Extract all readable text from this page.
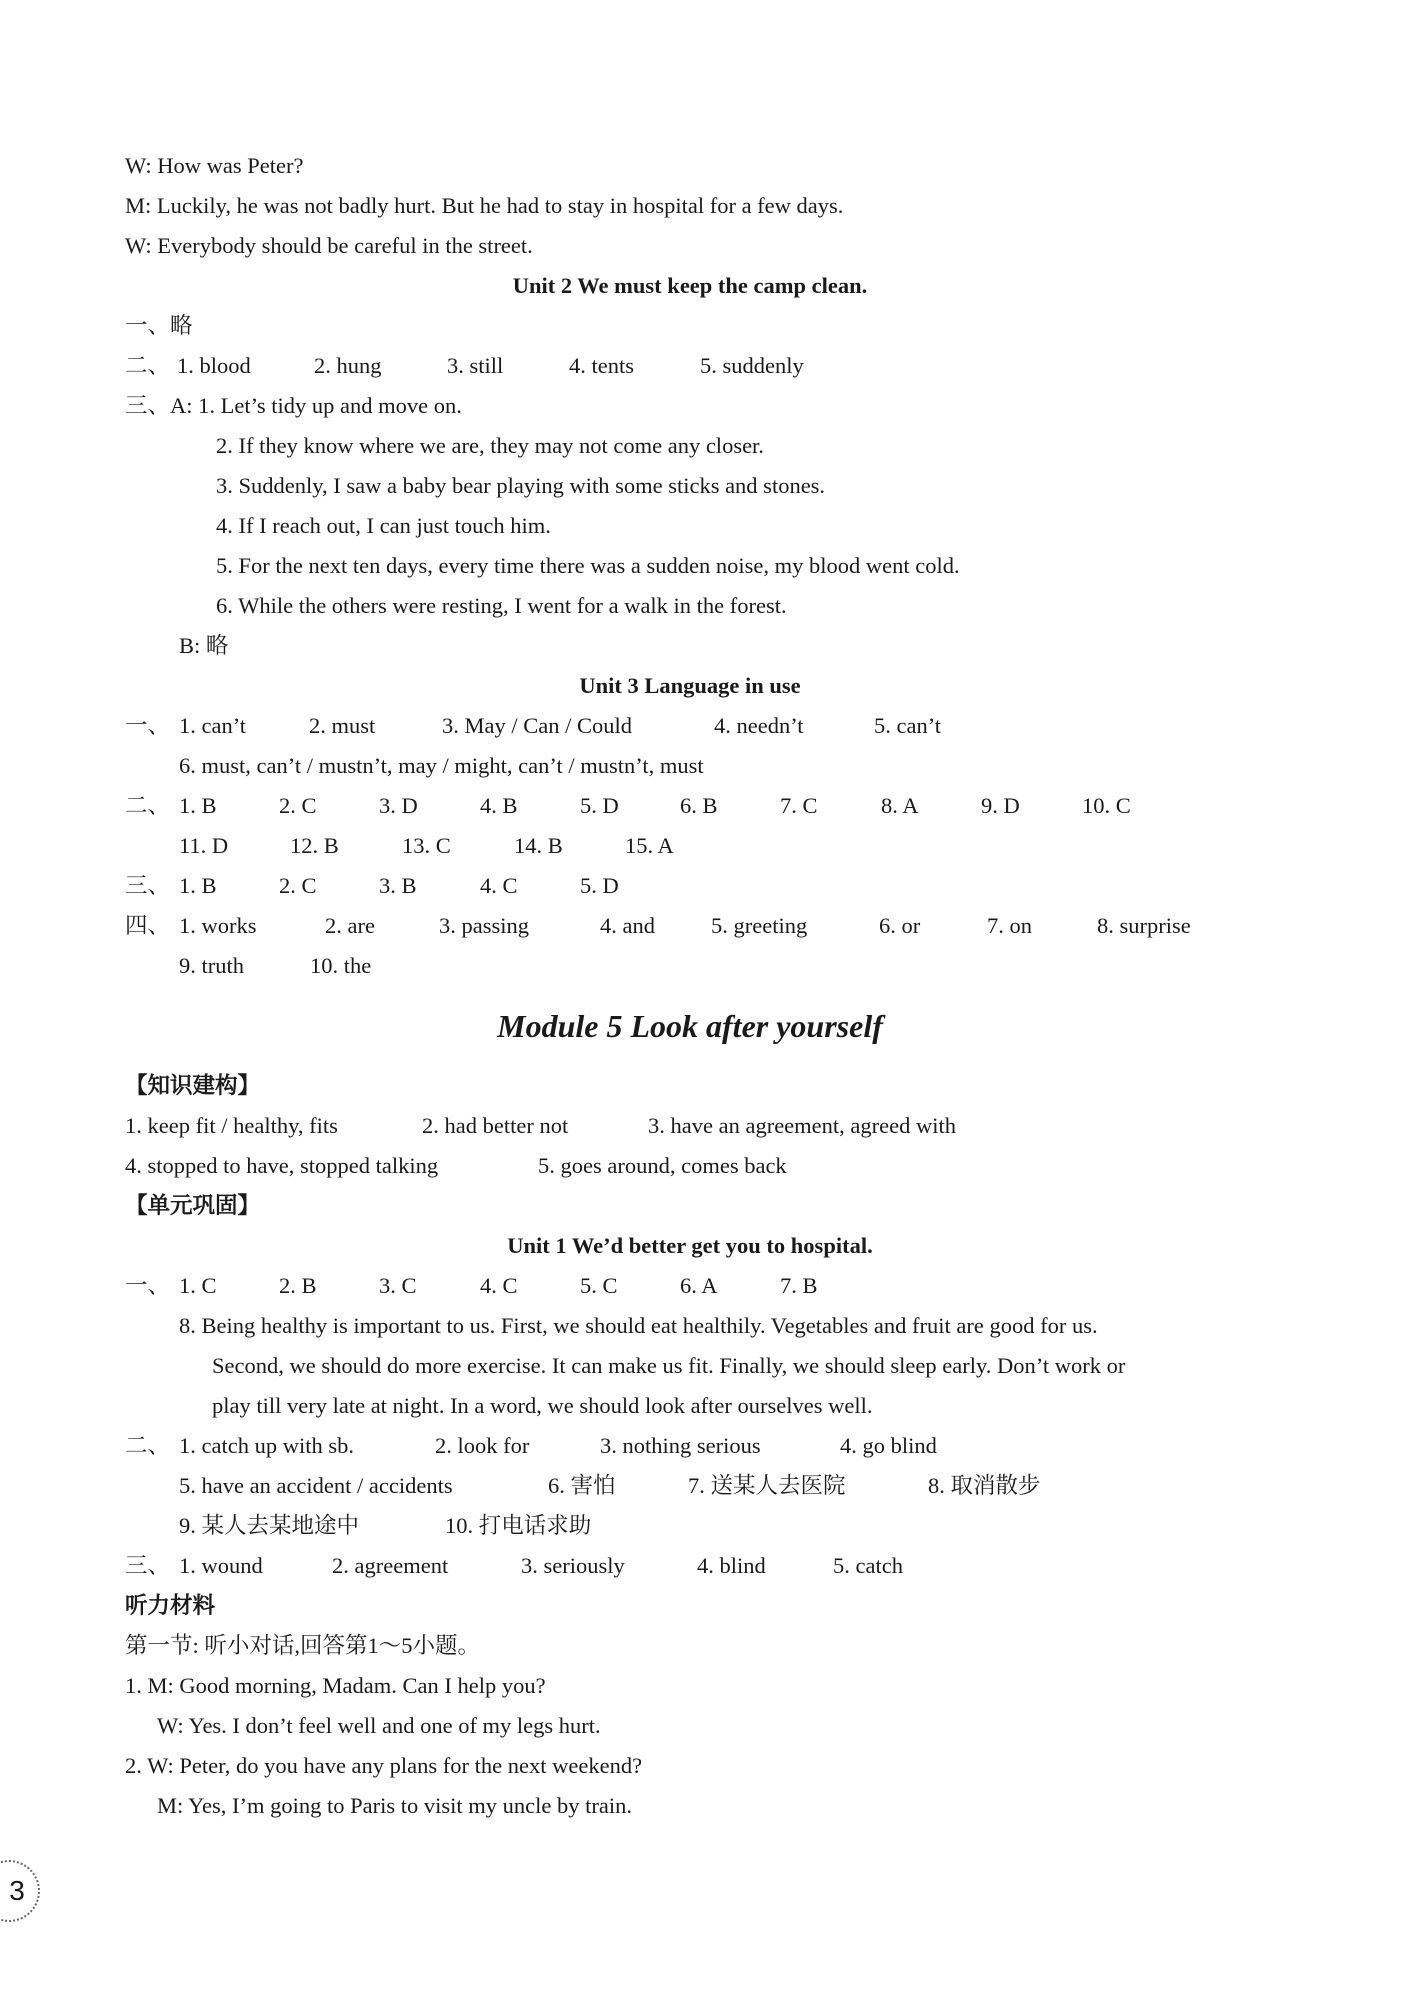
W: How was Peter?
M: Luckily, he was not badly hurt. But he had to stay in hospital for a few days.
W: Everybody should be careful in the street.
Unit 2 We must keep the camp clean.
一、略
二、 1. blood	2. hung	3. still	4. tents	5. suddenly
三、A: 1. Let’s tidy up and move on.
2. If they know where we are, they may not come any closer.
3. Suddenly, I saw a baby bear playing with some sticks and stones.
4. If I reach out, I can just touch him.
5. For the next ten days, every time there was a sudden noise, my blood went cold.
6. While the others were resting, I went for a walk in the forest.
B: 略
Unit 3 Language in use
一、 1. can’t	2. must	3. May / Can / Could	4. needn’t	5. can’t
6. must, can’t / mustn’t, may / might, can’t / mustn’t, must
二、 1. B	2. C	3. D	4. B	5. D	6. B	7. C	8. A	9. D	10. C
11. D	12. B	13. C	14. B	15. A
三、 1. B	2. C	3. B	4. C	5. D
四、 1. works	2. are	3. passing	4. and 5. greeting	6. or	7. on	8. surprise
9. truth	10. the
Module 5 Look after yourself
【知识建构】
1. keep fit / healthy, fits	2. had better not	3. have an agreement, agreed with
4. stopped to have, stopped talking	5. goes around, comes back
【单元巩固】
Unit 1 We’d better get you to hospital.
一、 1. C	2. B	3. C	4. C	5. C	6. A	7. B
8. Being healthy is important to us. First, we should eat healthily. Vegetables and fruit are good for us.
Second, we should do more exercise. It can make us fit. Finally, we should sleep early. Don’t work or
play till very late at night. In a word, we should look after ourselves well.
二、 1. catch up with sb.	2. look for	3. nothing serious	4. go blind
5. have an accident / accidents	6. 害怕	7. 送某人去医院	8. 取消散步
9. 某人去某地途中	10. 打电话求助
三、 1. wound	2. agreement	3. seriously	4. blind	5. catch
听力材料
第一节: 听小对话,回答第1～5小题。
1. M: Good morning, Madam. Can I help you?
W: Yes. I don’t feel well and one of my legs hurt.
2. W: Peter, do you have any plans for the next weekend?
M: Yes, I’m going to Paris to visit my uncle by train.
3
